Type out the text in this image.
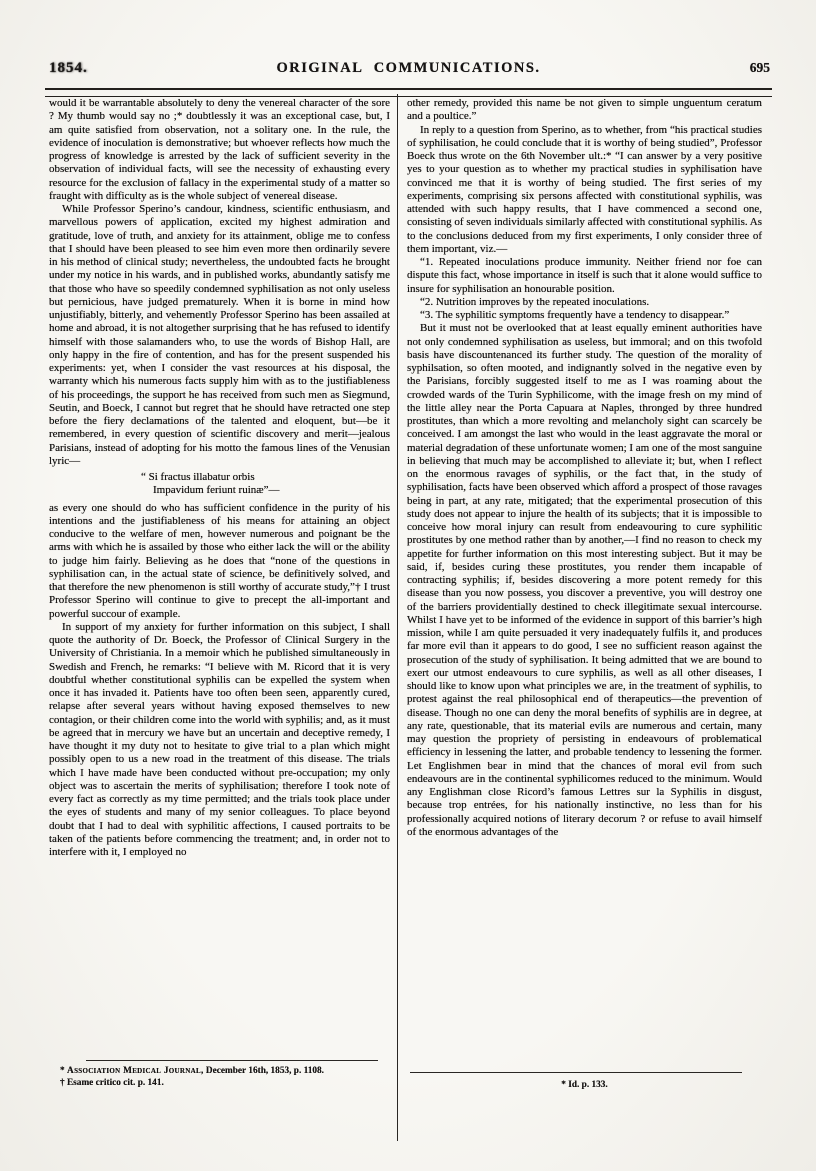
1854.	ORIGINAL COMMUNICATIONS.	695

would it be warrantable absolutely to deny the venereal character of the sore ? My thumb would say no ;* doubtlessly it was an exceptional case, but, I am quite satisfied from observation, not a solitary one. In the rule, the evidence of inoculation is demonstrative; but whoever reflects how much the progress of knowledge is arrested by the lack of sufficient severity in the observation of individual facts, will see the necessity of exhausting every resource for the exclusion of fallacy in the experimental study of a matter so fraught with difficulty as is the whole subject of venereal disease.

While Professor Sperino’s candour, kindness, scientific enthusiasm, and marvellous powers of application, excited my highest admiration and gratitude, love of truth, and anxiety for its attainment, oblige me to confess that I should have been pleased to see him even more then ordinarily severe in his method of clinical study; nevertheless, the undoubted facts he brought under my notice in his wards, and in published works, abundantly satisfy me that those who have so speedily condemned syphilisation as not only useless but pernicious, have judged prematurely. When it is borne in mind how unjustifiably, bitterly, and vehemently Professor Sperino has been assailed at home and abroad, it is not altogether surprising that he has refused to identify himself with those salamanders who, to use the words of Bishop Hall, are only happy in the fire of contention, and has for the present suspended his experiments: yet, when I consider the vast resources at his disposal, the warranty which his numerous facts supply him with as to the justifiableness of his proceedings, the support he has received from such men as Siegmund, Seutin, and Boeck, I cannot but regret that he should have retracted one step before the fiery declamations of the talented and eloquent, but—be it remembered, in every question of scientific discovery and merit—jealous Parisians, instead of adopting for his motto the famous lines of the Venusian lyric—

“ Si fractus illabatur orbis
Impavidum feriunt ruinæ”—

as every one should do who has sufficient confidence in the purity of his intentions and the justifiableness of his means for attaining an object conducive to the welfare of men, however numerous and poignant be the arms with which he is assailed by those who either lack the will or the ability to judge him fairly. Believing as he does that “none of the questions in syphilisation can, in the actual state of science, be definitively solved, and that therefore the new phenomenon is still worthy of accurate study,”† I trust Professor Sperino will continue to give to precept the all-important and powerful succour of example.

In support of my anxiety for further information on this subject, I shall quote the authority of Dr. Boeck, the Professor of Clinical Surgery in the University of Christiania. In a memoir which he published simultaneously in Swedish and French, he remarks: “I believe with M. Ricord that it is very doubtful whether constitutional syphilis can be expelled the system when once it has invaded it. Patients have too often been seen, apparently cured, relapse after several years without having exposed themselves to new contagion, or their children come into the world with syphilis; and, as it must be agreed that in mercury we have but an uncertain and deceptive remedy, I have thought it my duty not to hesitate to give trial to a plan which might possibly open to us a new road in the treatment of this disease. The trials which I have made have been conducted without pre-occupation; my only object was to ascertain the merits of syphilisation; therefore I took note of every fact as correctly as my time permitted; and the trials took place under the eyes of students and many of my senior colleagues. To place beyond doubt that I had to deal with syphilitic affections, I caused portraits to be taken of the patients before commencing the treatment; and, in order not to interfere with it, I employed no

other remedy, provided this name be not given to simple unguentum ceratum and a poultice.”

In reply to a question from Sperino, as to whether, from “his practical studies of syphilisation, he could conclude that it is worthy of being studied”, Professor Boeck thus wrote on the 6th November ult.:* “I can answer by a very positive yes to your question as to whether my practical studies in syphilisation have convinced me that it is worthy of being studied. The first series of my experiments, comprising six persons affected with constitutional syphilis, was attended with such happy results, that I have commenced a second one, consisting of seven individuals similarly affected with constitutional syphilis. As to the conclusions deduced from my first experiments, I only consider three of them important, viz.—

“1. Repeated inoculations produce immunity. Neither friend nor foe can dispute this fact, whose importance in itself is such that it alone would suffice to insure for syphilisation an honourable position.

“2. Nutrition improves by the repeated inoculations.

“3. The syphilitic symptoms frequently have a tendency to disappear.”

But it must not be overlooked that at least equally eminent authorities have not only condemned syphilisation as useless, but immoral; and on this twofold basis have discountenanced its further study. The question of the morality of syphilsation, so often mooted, and indignantly solved in the negative even by the Parisians, forcibly suggested itself to me as I was roaming about the crowded wards of the Turin Syphilicome, with the image fresh on my mind of the little alley near the Porta Capuara at Naples, thronged by three hundred prostitutes, than which a more revolting and melancholy sight can scarcely be conceived. I am amongst the last who would in the least aggravate the moral or material degradation of these unfortunate women; I am one of the most sanguine in believing that much may be accomplished to alleviate it; but, when I reflect on the enormous ravages of syphilis, or the fact that, in the study of syphilisation, facts have been observed which afford a prospect of those ravages being in part, at any rate, mitigated; that the experimental prosecution of this study does not appear to injure the health of its subjects; that it is impossible to conceive how moral injury can result from endeavouring to cure syphilitic prostitutes by one method rather than by another,—I find no reason to check my appetite for further information on this most interesting subject. But it may be said, if, besides curing these prostitutes, you render them incapable of contracting syphilis; if, besides discovering a more potent remedy for this disease than you now possess, you discover a preventive, you will destroy one of the barriers providentially destined to check illegitimate sexual intercourse. Whilst I have yet to be informed of the evidence in support of this barrier’s high mission, while I am quite persuaded it very inadequately fulfils it, and produces far more evil than it appears to do good, I see no sufficient reason against the prosecution of the study of syphilisation. It being admitted that we are bound to exert our utmost endeavours to cure syphilis, as well as all other diseases, I should like to know upon what principles we are, in the treatment of syphilis, to protest against the real philosophical end of therapeutics—the prevention of disease. Though no one can deny the moral benefits of syphilis are in degree, at any rate, questionable, that its material evils are numerous and certain, many may question the propriety of persisting in endeavours of problematical efficiency in lessening the latter, and probable tendency to lessening the former. Let Englishmen bear in mind that the chances of moral evil from such endeavours are in the continental syphilicomes reduced to the minimum. Would any Englishman close Ricord’s famous Lettres sur la Syphilis in disgust, because trop entrées, for his nationally instinctive, no less than for his professionally acquired notions of literary decorum ? or refuse to avail himself of the enormous advantages of the

* Association Medical Journal, December 16th, 1853, p. 1108.
† Esame critico cit. p. 141.	* Id. p. 133.
